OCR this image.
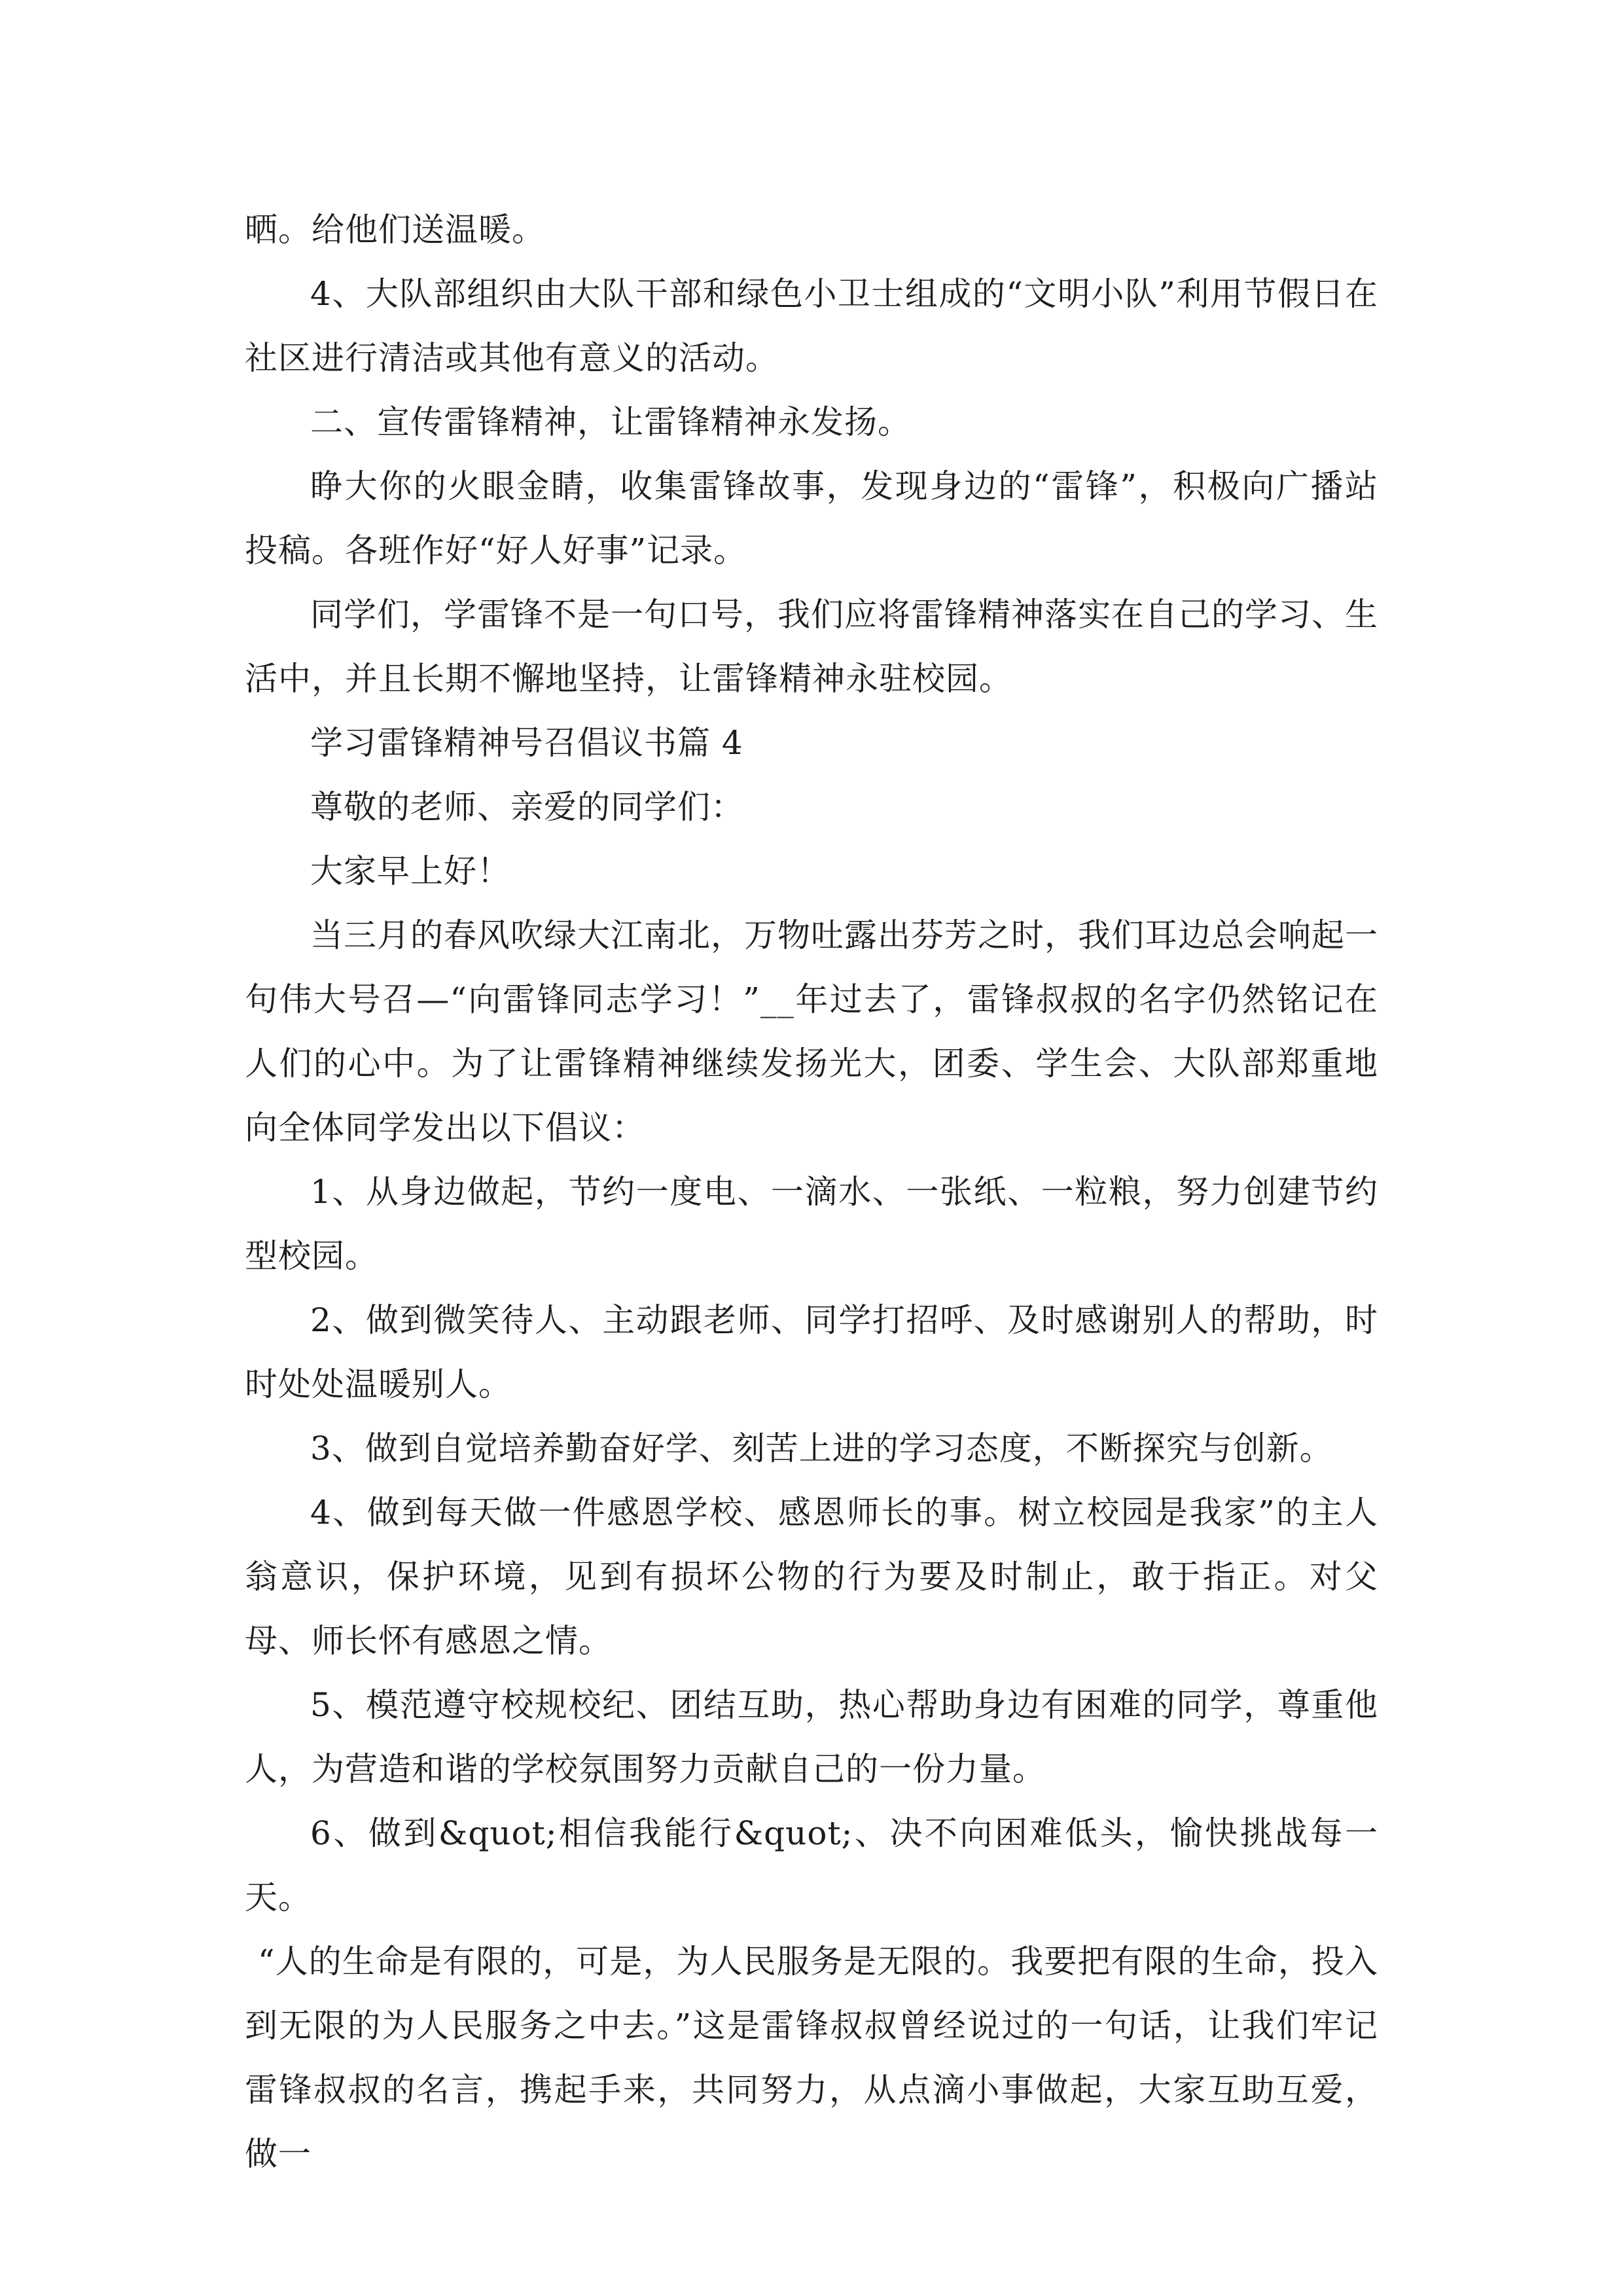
晒。给他们送温暖。

4、大队部组织由大队干部和绿色小卫士组成的“文明小队”利用节假日在社区进行清洁或其他有意义的活动。

二、宣传雷锋精神，让雷锋精神永发扬。

睁大你的火眼金睛，收集雷锋故事，发现身边的“雷锋”，积极向广播站投稿。各班作好“好人好事”记录。

同学们，学雷锋不是一句口号，我们应将雷锋精神落实在自己的学习、生活中，并且长期不懈地坚持，让雷锋精神永驻校园。

学习雷锋精神号召倡议书篇 4

尊敬的老师、亲爱的同学们：

大家早上好！

当三月的春风吹绿大江南北，万物吐露出芬芳之时，我们耳边总会响起一句伟大号召—“向雷锋同志学习！”__年过去了，雷锋叔叔的名字仍然铭记在人们的心中。为了让雷锋精神继续发扬光大，团委、学生会、大队部郑重地向全体同学发出以下倡议：

1、从身边做起，节约一度电、一滴水、一张纸、一粒粮，努力创建节约型校园。

2、做到微笑待人、主动跟老师、同学打招呼、及时感谢别人的帮助，时时处处温暖别人。

3、做到自觉培养勤奋好学、刻苦上进的学习态度，不断探究与创新。

4、做到每天做一件感恩学校、感恩师长的事。树立校园是我家”的主人翁意识，保护环境，见到有损坏公物的行为要及时制止，敢于指正。对父母、师长怀有感恩之情。

5、模范遵守校规校纪、团结互助，热心帮助身边有困难的同学，尊重他人，为营造和谐的学校氛围努力贡献自己的一份力量。

6、做到&quot;相信我能行&quot;、决不向困难低头，愉快挑战每一天。

“人的生命是有限的，可是，为人民服务是无限的。我要把有限的生命，投入到无限的为人民服务之中去。”这是雷锋叔叔曾经说过的一句话，让我们牢记雷锋叔叔的名言，携起手来，共同努力，从点滴小事做起，大家互助互爱，做一
